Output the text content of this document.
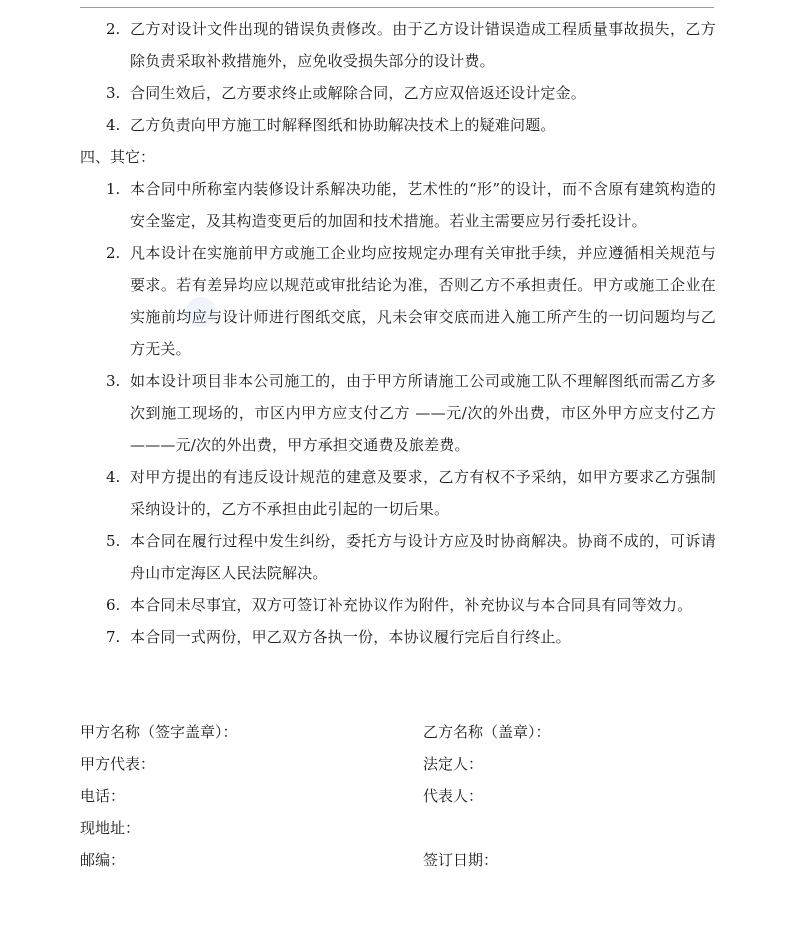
2. 乙方对设计文件出现的错误负责修改。由于乙方设计错误造成工程质量事故损失，乙方除负责采取补救措施外，应免收受损失部分的设计费。
3. 合同生效后，乙方要求终止或解除合同，乙方应双倍返还设计定金。
4. 乙方负责向甲方施工时解释图纸和协助解决技术上的疑难问题。
四、其它：
1. 本合同中所称室内装修设计系解决功能，艺术性的“形”的设计，而不含原有建筑构造的安全鉴定，及其构造变更后的加固和技术措施。若业主需要应另行委托设计。
2. 凡本设计在实施前甲方或施工企业均应按规定办理有关审批手续，并应遵循相关规范与要求。若有差异均应以规范或审批结论为准，否则乙方不承担责任。甲方或施工企业在实施前均应与设计师进行图纸交底，凡未会审交底而进入施工所产生的一切问题均与乙方无关。
3. 如本设计项目非本公司施工的，由于甲方所请施工公司或施工队不理解图纸而需乙方多次到施工现场的，市区内甲方应支付乙方 ——元/次的外出费，市区外甲方应支付乙方 ———元/次的外出费，甲方承担交通费及旅差费。
4. 对甲方提出的有违反设计规范的建意及要求，乙方有权不予采纳，如甲方要求乙方强制采纳设计的，乙方不承担由此引起的一切后果。
5. 本合同在履行过程中发生纠纷，委托方与设计方应及时协商解决。协商不成的，可诉请舟山市定海区人民法院解决。
6. 本合同未尽事宜，双方可签订补充协议作为附件，补充协议与本合同具有同等效力。
7. 本合同一式两份，甲乙双方各执一份，本协议履行完后自行终止。
甲方名称（签字盖章）：
甲方代表：
电话：
现地址：
邮编：
乙方名称（盖章）：
法定人：
代表人：
签订日期：
